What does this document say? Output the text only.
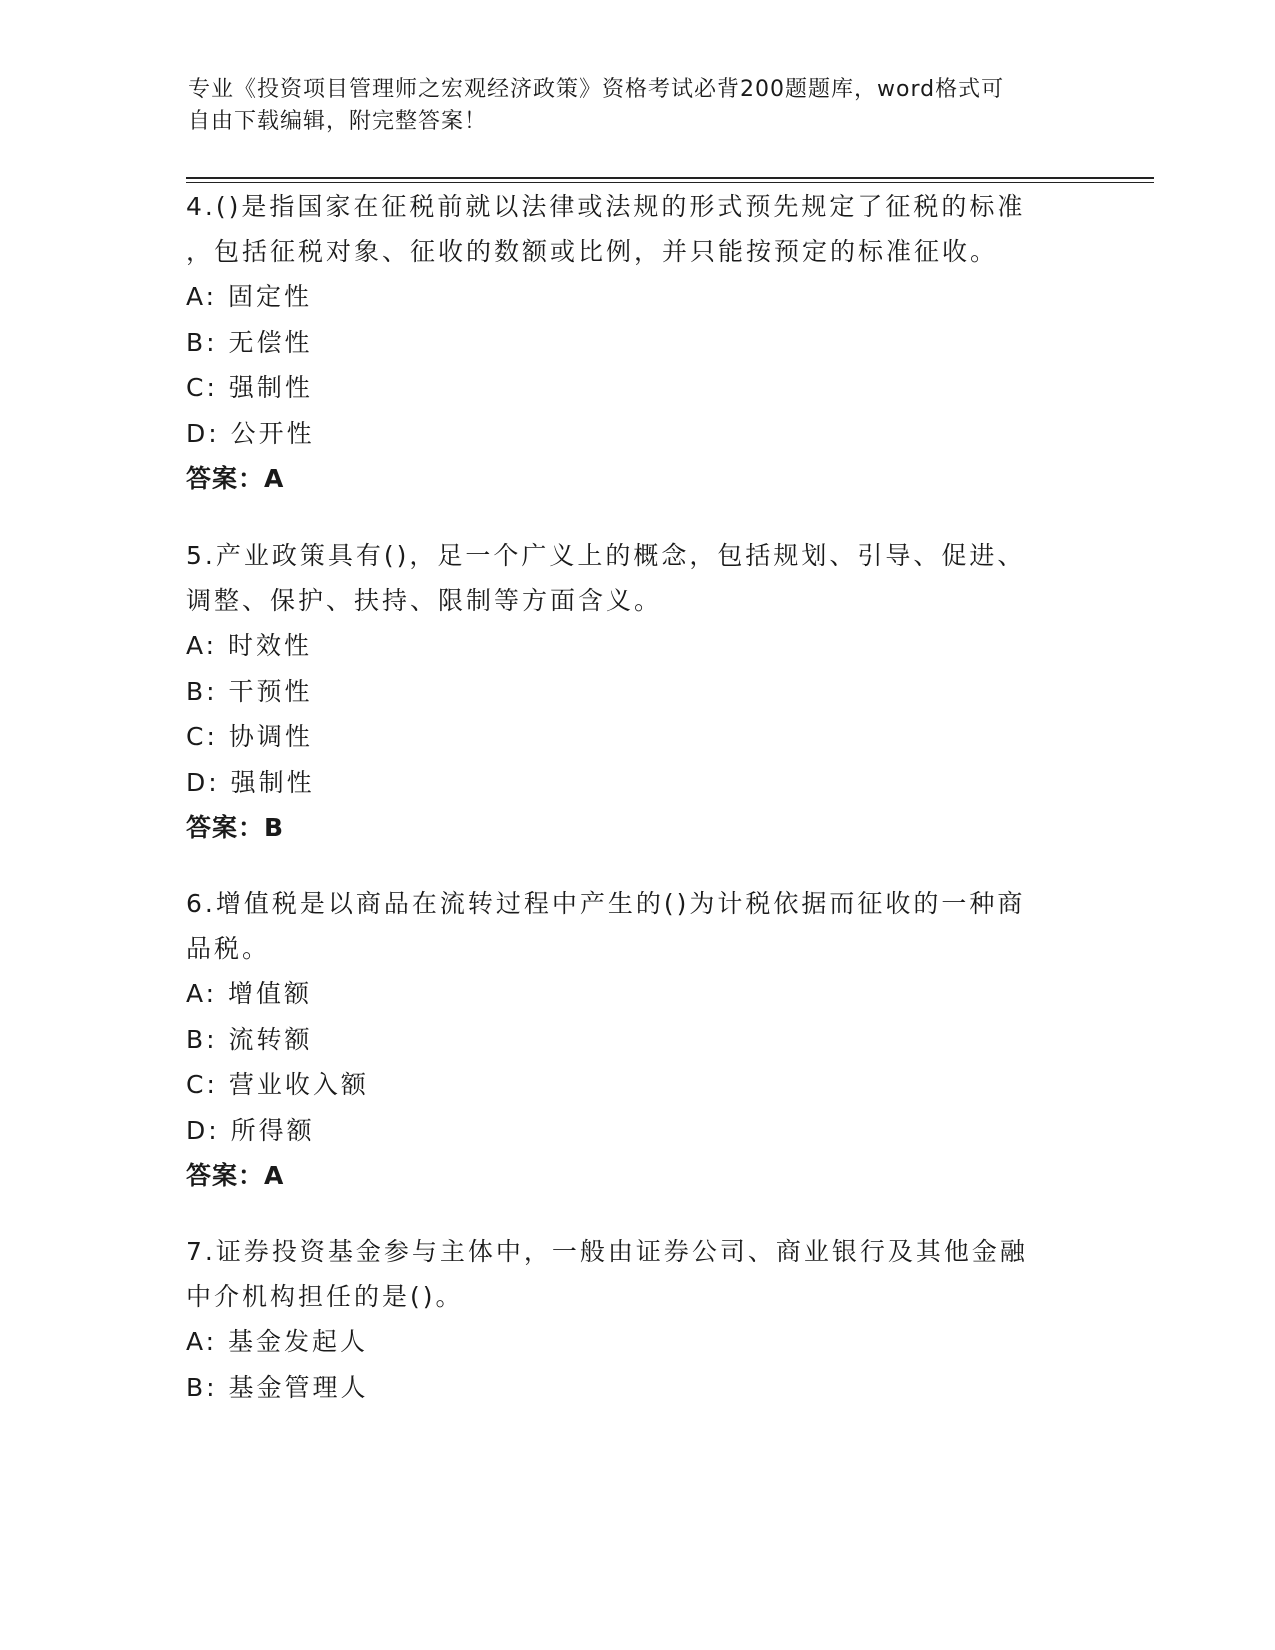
专业《投资项目管理师之宏观经济政策》资格考试必背200题题库，word格式可
自由下载编辑，附完整答案！

4.()是指国家在征税前就以法律或法规的形式预先规定了征税的标准

，包括征税对象、征收的数额或比例，并只能按预定的标准征收。

A: 固定性

B: 无偿性

C: 强制性

D: 公开性

答案：A

5.产业政策具有()，足一个广义上的概念，包括规划、引导、促进、

调整、保护、扶持、限制等方面含义。

A: 时效性

B: 干预性

C: 协调性

D: 强制性

答案：B

6.增值税是以商品在流转过程中产生的()为计税依据而征收的一种商

品税。

A: 增值额

B: 流转额

C: 营业收入额

D: 所得额

答案：A

7.证券投资基金参与主体中，一般由证券公司、商业银行及其他金融

中介机构担任的是()。

A: 基金发起人

B: 基金管理人
